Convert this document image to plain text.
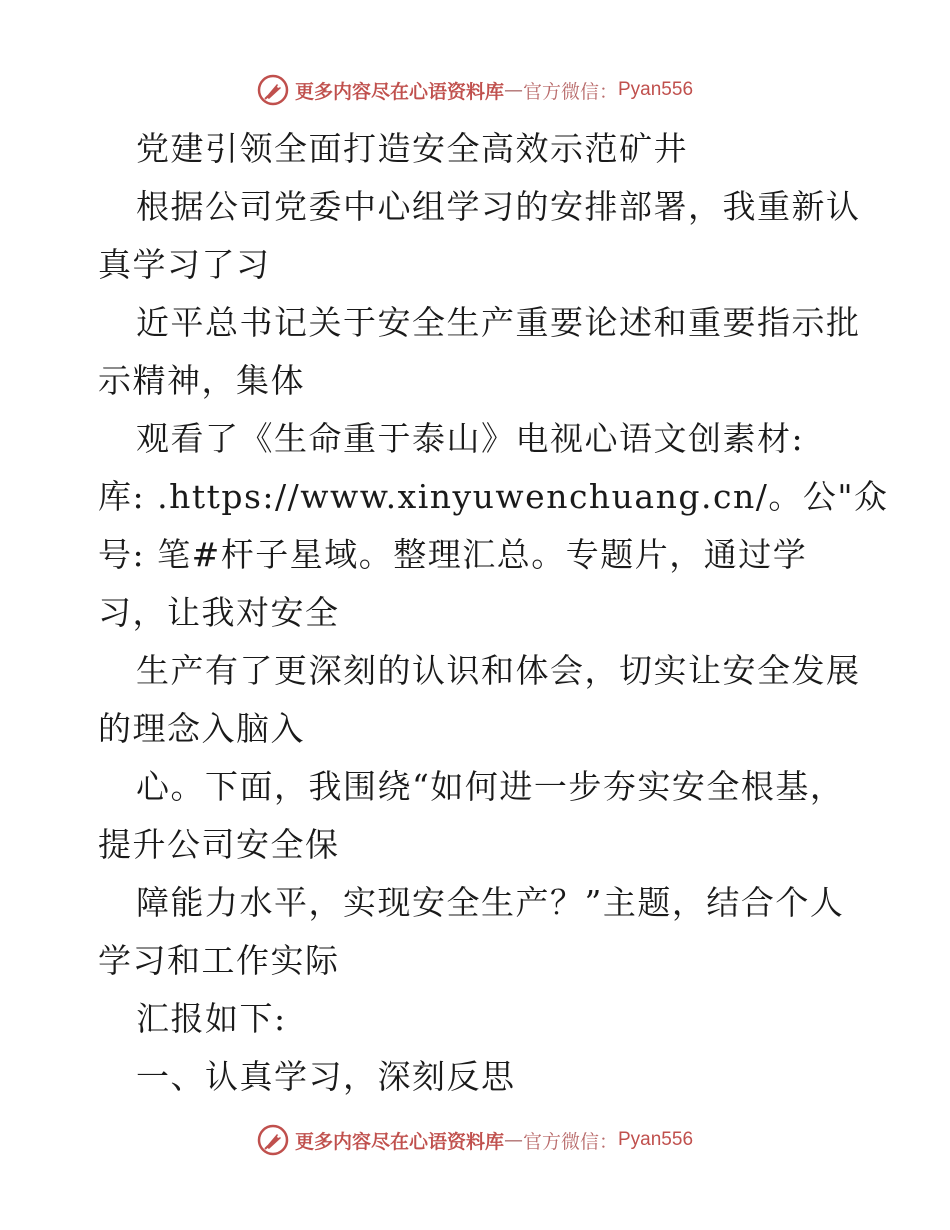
更多内容尽在心语资料库 — 官方微信： Pyan556
党建引领全面打造安全高效示范矿井
根据公司党委中心组学习的安排部署，我重新认
真学习了习
近平总书记关于安全生产重要论述和重要指示批
示精神，集体
观看了《生命重于泰山》电视心语文创素材:
库: .https://www.xinyuwenchuang.cn/。公"众
号: 笔#杆子星域。整理汇总。专题片，通过学
习，让我对安全
生产有了更深刻的认识和体会，切实让安全发展
的理念入脑入
心。下面，我围绕“如何进一步夯实安全根基，
提升公司安全保
障能力水平，实现安全生产？”主题，结合个人
学习和工作实际
汇报如下:
一、认真学习，深刻反思
更多内容尽在心语资料库 — 官方微信： Pyan556
